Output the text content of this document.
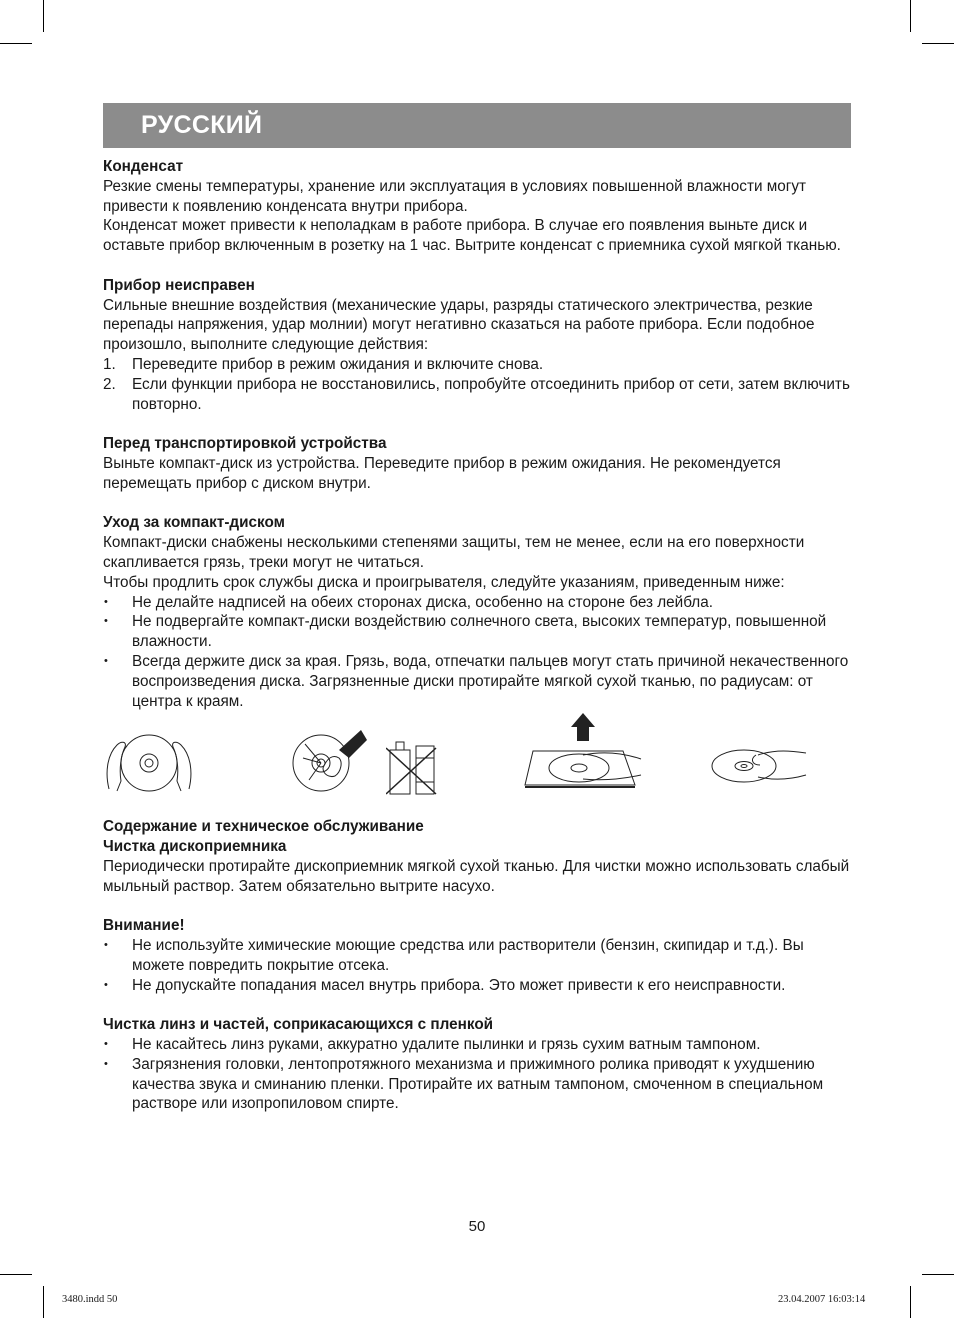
РУССКИЙ

Конденсат

Резкие смены температуры, хранение или эксплуатация в условиях повышенной влажности могут привести к появлению конденсата внутри прибора.

Конденсат может привести к неполадкам в работе прибора. В случае его появления выньте диск и оставьте прибор включенным в розетку на 1 час. Вытрите конденсат с приемника сухой мягкой тканью.

Прибор неисправен

Сильные внешние воздействия (механические удары, разряды статического электричества, резкие перепады напряжения, удар молнии) могут негативно сказаться на работе прибора. Если подобное произошло, выполните следующие действия:

1. Переведите прибор в режим ожидания и включите снова.
2. Если функции прибора не восстановились, попробуйте отсоединить прибор от сети, затем включить повторно.

Перед транспортировкой устройства

Выньте компакт-диск из устройства. Переведите прибор в режим ожидания. Не рекомендуется перемещать прибор с диском внутри.

Уход за компакт-диском

Компакт-диски снабжены несколькими степенями защиты, тем не менее, если на его поверхности скапливается грязь, треки могут не читаться.

Чтобы продлить срок службы диска и проигрывателя, следуйте указаниям, приведенным ниже:

• Не делайте надписей на обеих сторонах диска, особенно на стороне без лейбла.
• Не подвергайте компакт-диски воздействию солнечного света, высоких температур, повышенной влажности.
• Всегда держите диск за края. Грязь, вода, отпечатки пальцев могут стать причиной некачественного воспроизведения диска. Загрязненные диски протирайте мягкой сухой тканью, по радиусам: от центра к краям.

Содержание и техническое обслуживание

Чистка дископриемника

Периодически протирайте дископриемник мягкой сухой тканью. Для чистки можно использовать слабый мыльный раствор. Затем обязательно вытрите насухо.

Внимание!

• Не используйте химические моющие средства или растворители (бензин, скипидар и т.д.). Вы можете повредить покрытие отсека.
• Не допускайте попадания масел внутрь прибора. Это может привести к его неисправности.

Чистка линз и частей, соприкасающихся с пленкой

• Не касайтесь линз руками, аккуратно удалите пылинки и грязь сухим ватным тампоном.
• Загрязнения головки, лентопротяжного механизма и прижимного ролика приводят к ухудшению качества звука и сминанию пленки. Протирайте их ватным тампоном, смоченном в специальном растворе или изопропиловом спирте.
50
3480.indd 50	23.04.2007 16:03:14
